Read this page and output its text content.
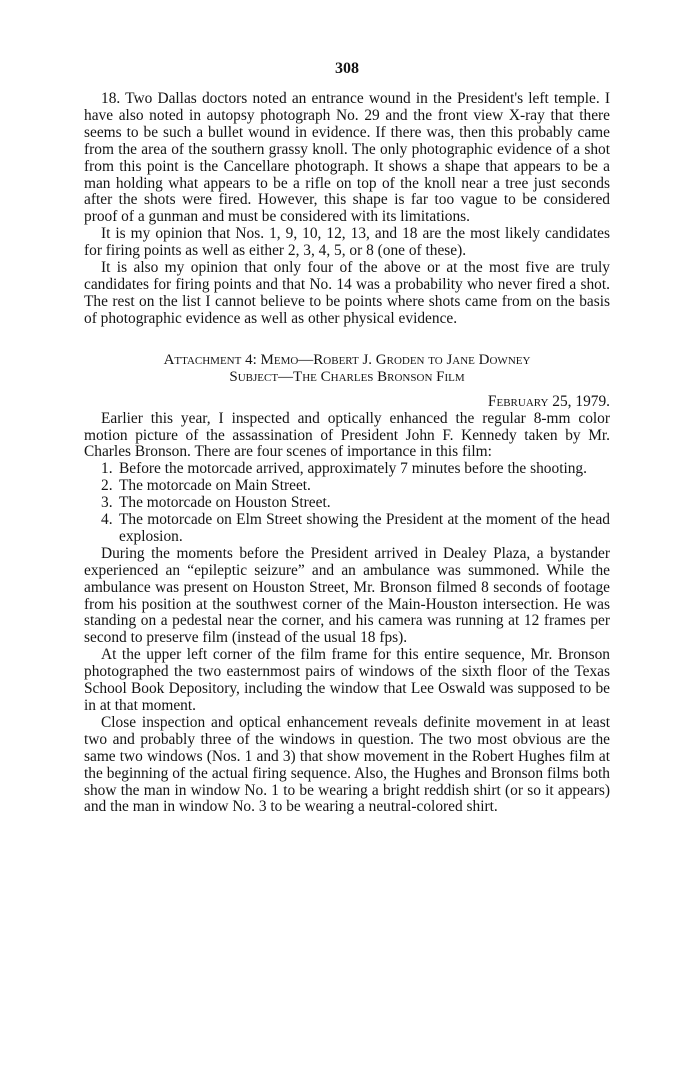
308

18. Two Dallas doctors noted an entrance wound in the President's left temple. I have also noted in autopsy photograph No. 29 and the front view X-ray that there seems to be such a bullet wound in evidence. If there was, then this probably came from the area of the southern grassy knoll. The only photographic evidence of a shot from this point is the Cancellare photograph. It shows a shape that appears to be a man holding what appears to be a rifle on top of the knoll near a tree just seconds after the shots were fired. However, this shape is far too vague to be considered proof of a gunman and must be considered with its limitations.

It is my opinion that Nos. 1, 9, 10, 12, 13, and 18 are the most likely candidates for firing points as well as either 2, 3, 4, 5, or 8 (one of these).

It is also my opinion that only four of the above or at the most five are truly candidates for firing points and that No. 14 was a probability who never fired a shot. The rest on the list I cannot believe to be points where shots came from on the basis of photographic evidence as well as other physical evidence.

Attachment 4: Memo—Robert J. Groden to Jane Downey
Subject—The Charles Bronson Film

February 25, 1979.

Earlier this year, I inspected and optically enhanced the regular 8-mm color motion picture of the assassination of President John F. Kennedy taken by Mr. Charles Bronson. There are four scenes of importance in this film:

1. Before the motorcade arrived, approximately 7 minutes before the shooting.
2. The motorcade on Main Street.
3. The motorcade on Houston Street.
4. The motorcade on Elm Street showing the President at the moment of the head explosion.

During the moments before the President arrived in Dealey Plaza, a bystander experienced an “epileptic seizure” and an ambulance was summoned. While the ambulance was present on Houston Street, Mr. Bronson filmed 8 seconds of footage from his position at the southwest corner of the Main-Houston intersection. He was standing on a pedestal near the corner, and his camera was running at 12 frames per second to preserve film (instead of the usual 18 fps).

At the upper left corner of the film frame for this entire sequence, Mr. Bronson photographed the two easternmost pairs of windows of the sixth floor of the Texas School Book Depository, including the window that Lee Oswald was supposed to be in at that moment.

Close inspection and optical enhancement reveals definite movement in at least two and probably three of the windows in question. The two most obvious are the same two windows (Nos. 1 and 3) that show movement in the Robert Hughes film at the beginning of the actual firing sequence. Also, the Hughes and Bronson films both show the man in window No. 1 to be wearing a bright reddish shirt (or so it appears) and the man in window No. 3 to be wearing a neutral-colored shirt.
